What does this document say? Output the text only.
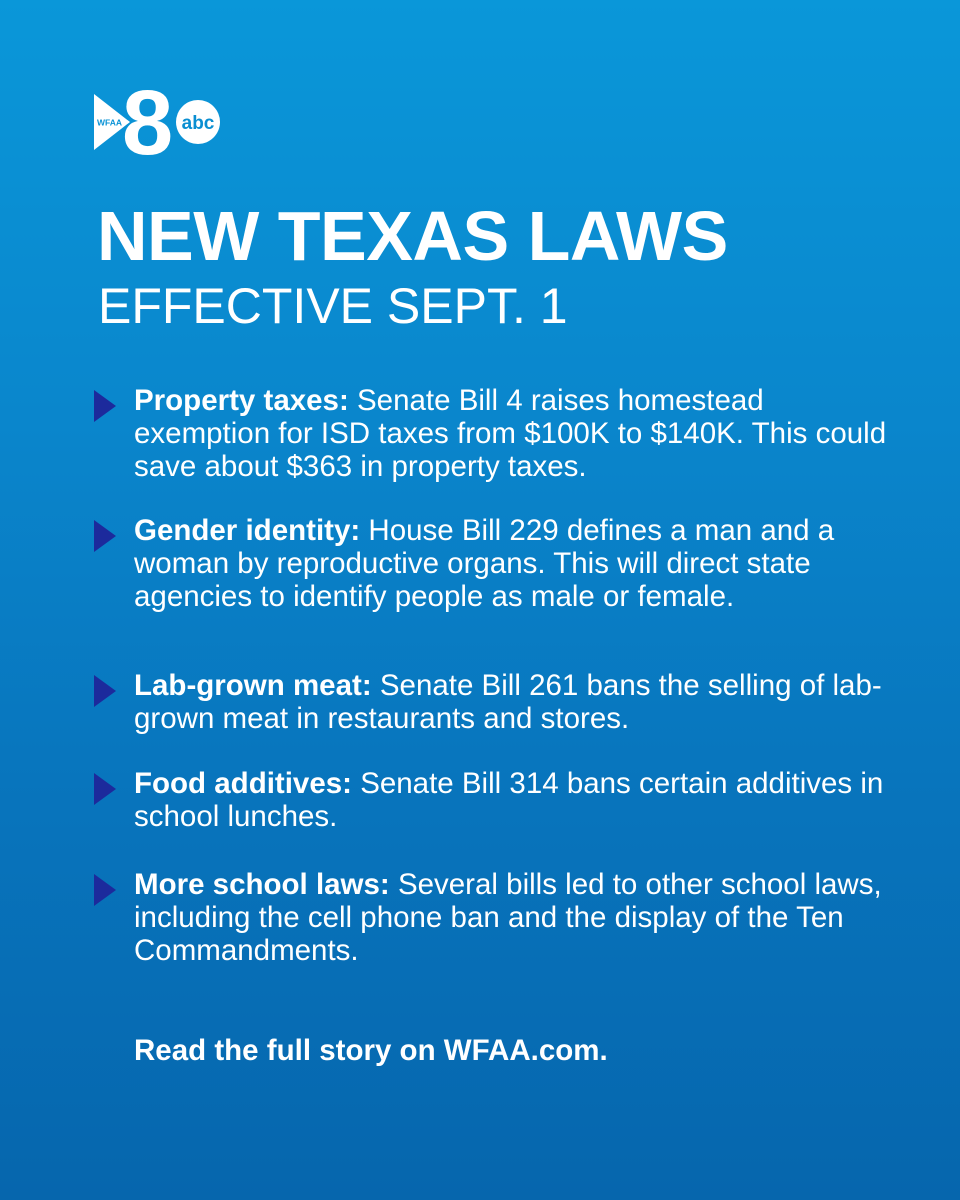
WFAA 8 abc
NEW TEXAS LAWS
EFFECTIVE SEPT. 1
Property taxes: Senate Bill 4 raises homestead exemption for ISD taxes from $100K to $140K. This could save about $363 in property taxes.
Gender identity: House Bill 229 defines a man and a woman by reproductive organs. This will direct state agencies to identify people as male or female.
Lab-grown meat: Senate Bill 261 bans the selling of lab-grown meat in restaurants and stores.
Food additives: Senate Bill 314 bans certain additives in school lunches.
More school laws: Several bills led to other school laws, including the cell phone ban and the display of the Ten Commandments.
Read the full story on WFAA.com.
